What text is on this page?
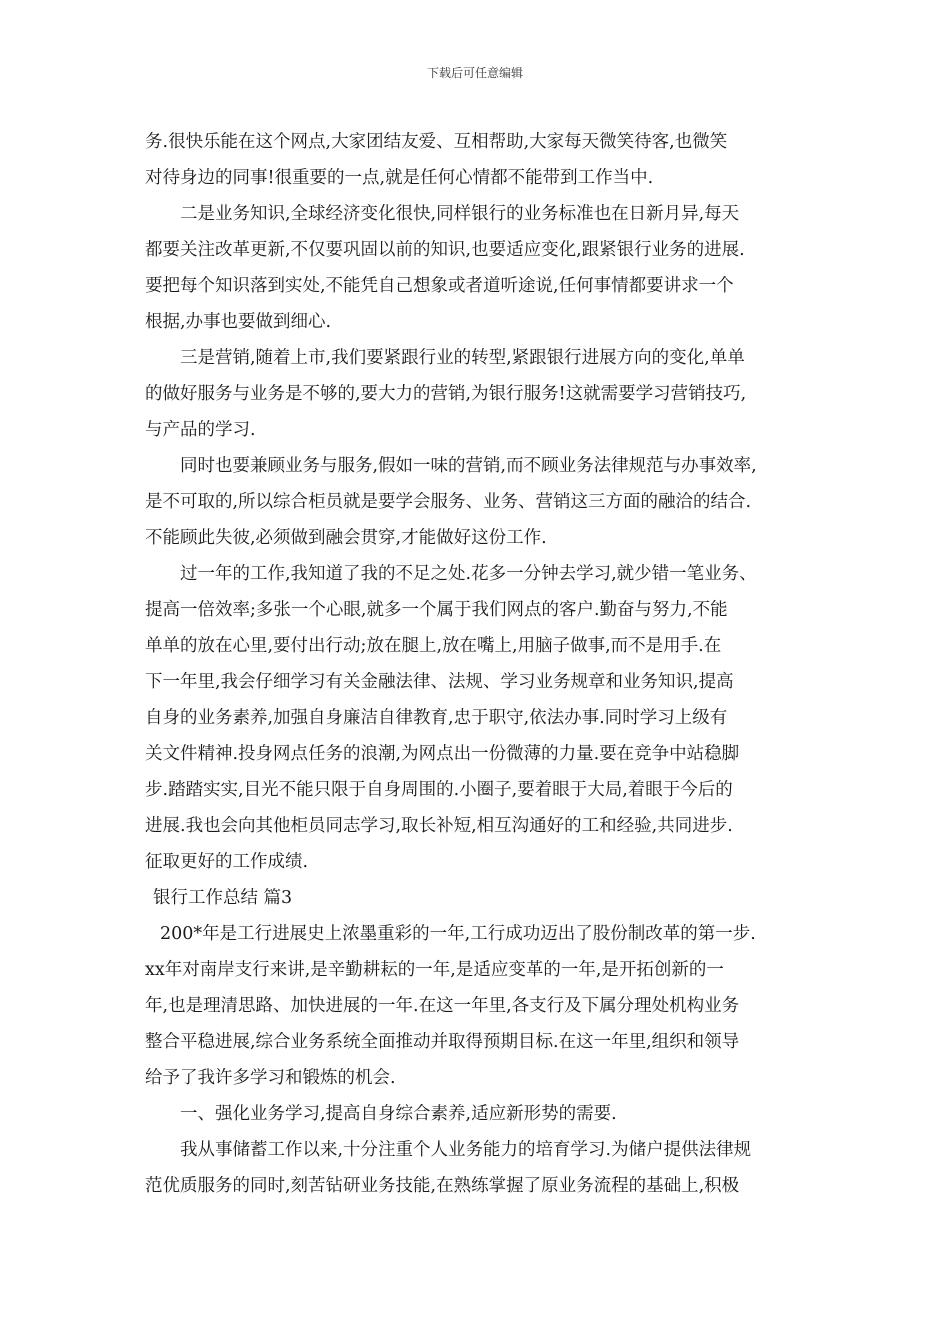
下载后可任意编辑
务.很快乐能在这个网点,大家团结友爱、互相帮助,大家每天微笑待客,也微笑
对待身边的同事!很重要的一点,就是任何心情都不能带到工作当中.
二是业务知识,全球经济变化很快,同样银行的业务标准也在日新月异,每天
都要关注改革更新,不仅要巩固以前的知识,也要适应变化,跟紧银行业务的进展.
要把每个知识落到实处,不能凭自己想象或者道听途说,任何事情都要讲求一个
根据,办事也要做到细心.
三是营销,随着上市,我们要紧跟行业的转型,紧跟银行进展方向的变化,单单
的做好服务与业务是不够的,要大力的营销,为银行服务!这就需要学习营销技巧,
与产品的学习.
同时也要兼顾业务与服务,假如一味的营销,而不顾业务法律规范与办事效率,
是不可取的,所以综合柜员就是要学会服务、业务、营销这三方面的融洽的结合.
不能顾此失彼,必须做到融会贯穿,才能做好这份工作.
过一年的工作,我知道了我的不足之处.花多一分钟去学习,就少错一笔业务、
提高一倍效率;多张一个心眼,就多一个属于我们网点的客户.勤奋与努力,不能
单单的放在心里,要付出行动;放在腿上,放在嘴上,用脑子做事,而不是用手.在
下一年里,我会仔细学习有关金融法律、法规、学习业务规章和业务知识,提高
自身的业务素养,加强自身廉洁自律教育,忠于职守,依法办事.同时学习上级有
关文件精神.投身网点任务的浪潮,为网点出一份微薄的力量.要在竞争中站稳脚
步.踏踏实实,目光不能只限于自身周围的.小圈子,要着眼于大局,着眼于今后的
进展.我也会向其他柜员同志学习,取长补短,相互沟通好的工和经验,共同进步.
征取更好的工作成绩.
银行工作总结 篇3
200*年是工行进展史上浓墨重彩的一年,工行成功迈出了股份制改革的第一步.
xx年对南岸支行来讲,是辛勤耕耘的一年,是适应变革的一年,是开拓创新的一
年,也是理清思路、加快进展的一年.在这一年里,各支行及下属分理处机构业务
整合平稳进展,综合业务系统全面推动并取得预期目标.在这一年里,组织和领导
给予了我许多学习和锻炼的机会.
一、强化业务学习,提高自身综合素养,适应新形势的需要.
我从事储蓄工作以来,十分注重个人业务能力的培育学习.为储户提供法律规
范优质服务的同时,刻苦钻研业务技能,在熟练掌握了原业务流程的基础上,积极
